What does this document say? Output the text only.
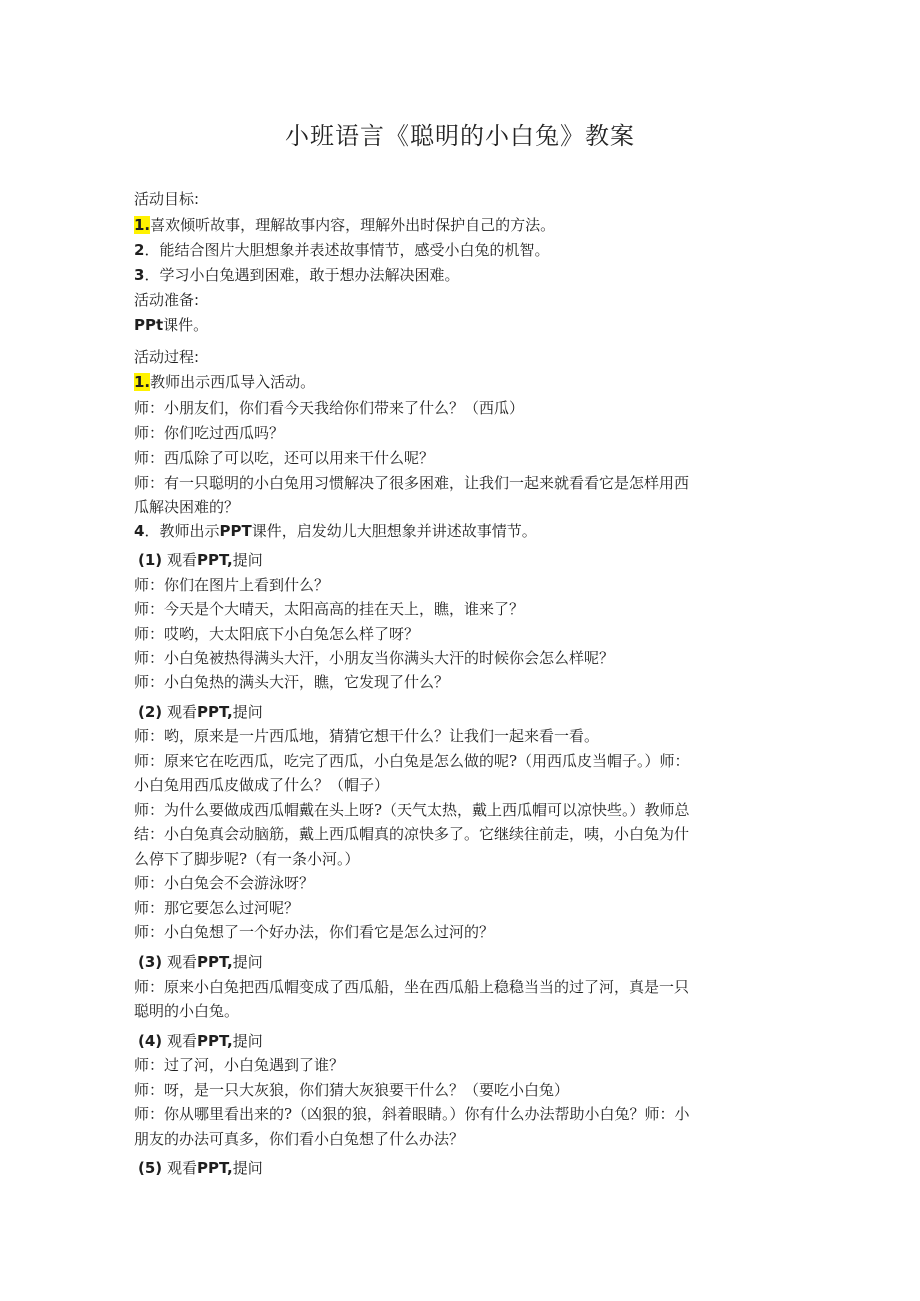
小班语言《聪明的小白兔》教案
活动目标:
1.喜欢倾听故事，理解故事内容，理解外出时保护自己的方法。
2．能结合图片大胆想象并表述故事情节，感受小白兔的机智。
3．学习小白兔遇到困难，敢于想办法解决困难。
活动准备:
PPt课件。
活动过程:
1.教师出示西瓜导入活动。
师：小朋友们，你们看今天我给你们带来了什么？（西瓜）
师：你们吃过西瓜吗？
师：西瓜除了可以吃，还可以用来干什么呢？
师：有一只聪明的小白兔用习惯解决了很多困难，让我们一起来就看看它是怎样用西
瓜解决困难的？
4．教师出示PPT课件，启发幼儿大胆想象并讲述故事情节。
(1) 观看PPT,提问
师：你们在图片上看到什么？
师：今天是个大晴天，太阳高高的挂在天上，瞧，谁来了？
师：哎哟，大太阳底下小白兔怎么样了呀？
师：小白兔被热得满头大汗，小朋友当你满头大汗的时候你会怎么样呢？
师：小白兔热的满头大汗，瞧，它发现了什么？
(2) 观看PPT,提问
师：哟，原来是一片西瓜地，猜猜它想干什么？让我们一起来看一看。
师：原来它在吃西瓜，吃完了西瓜，小白兔是怎么做的呢?（用西瓜皮当帽子。）师：
小白兔用西瓜皮做成了什么？（帽子）
师：为什么要做成西瓜帽戴在头上呀?（天气太热，戴上西瓜帽可以凉快些。）教师总
结：小白兔真会动脑筋，戴上西瓜帽真的凉快多了。它继续往前走，咦，小白兔为什
么停下了脚步呢?（有一条小河。）
师：小白兔会不会游泳呀？
师：那它要怎么过河呢？
师：小白兔想了一个好办法，你们看它是怎么过河的？
(3) 观看PPT,提问
师：原来小白兔把西瓜帽变成了西瓜船，坐在西瓜船上稳稳当当的过了河，真是一只
聪明的小白兔。
(4) 观看PPT,提问
师：过了河，小白兔遇到了谁？
师：呀，是一只大灰狼，你们猜大灰狼要干什么？（要吃小白兔）
师：你从哪里看出来的?（凶狠的狼，斜着眼睛。）你有什么办法帮助小白兔？师：小
朋友的办法可真多，你们看小白兔想了什么办法？
(5) 观看PPT,提问
